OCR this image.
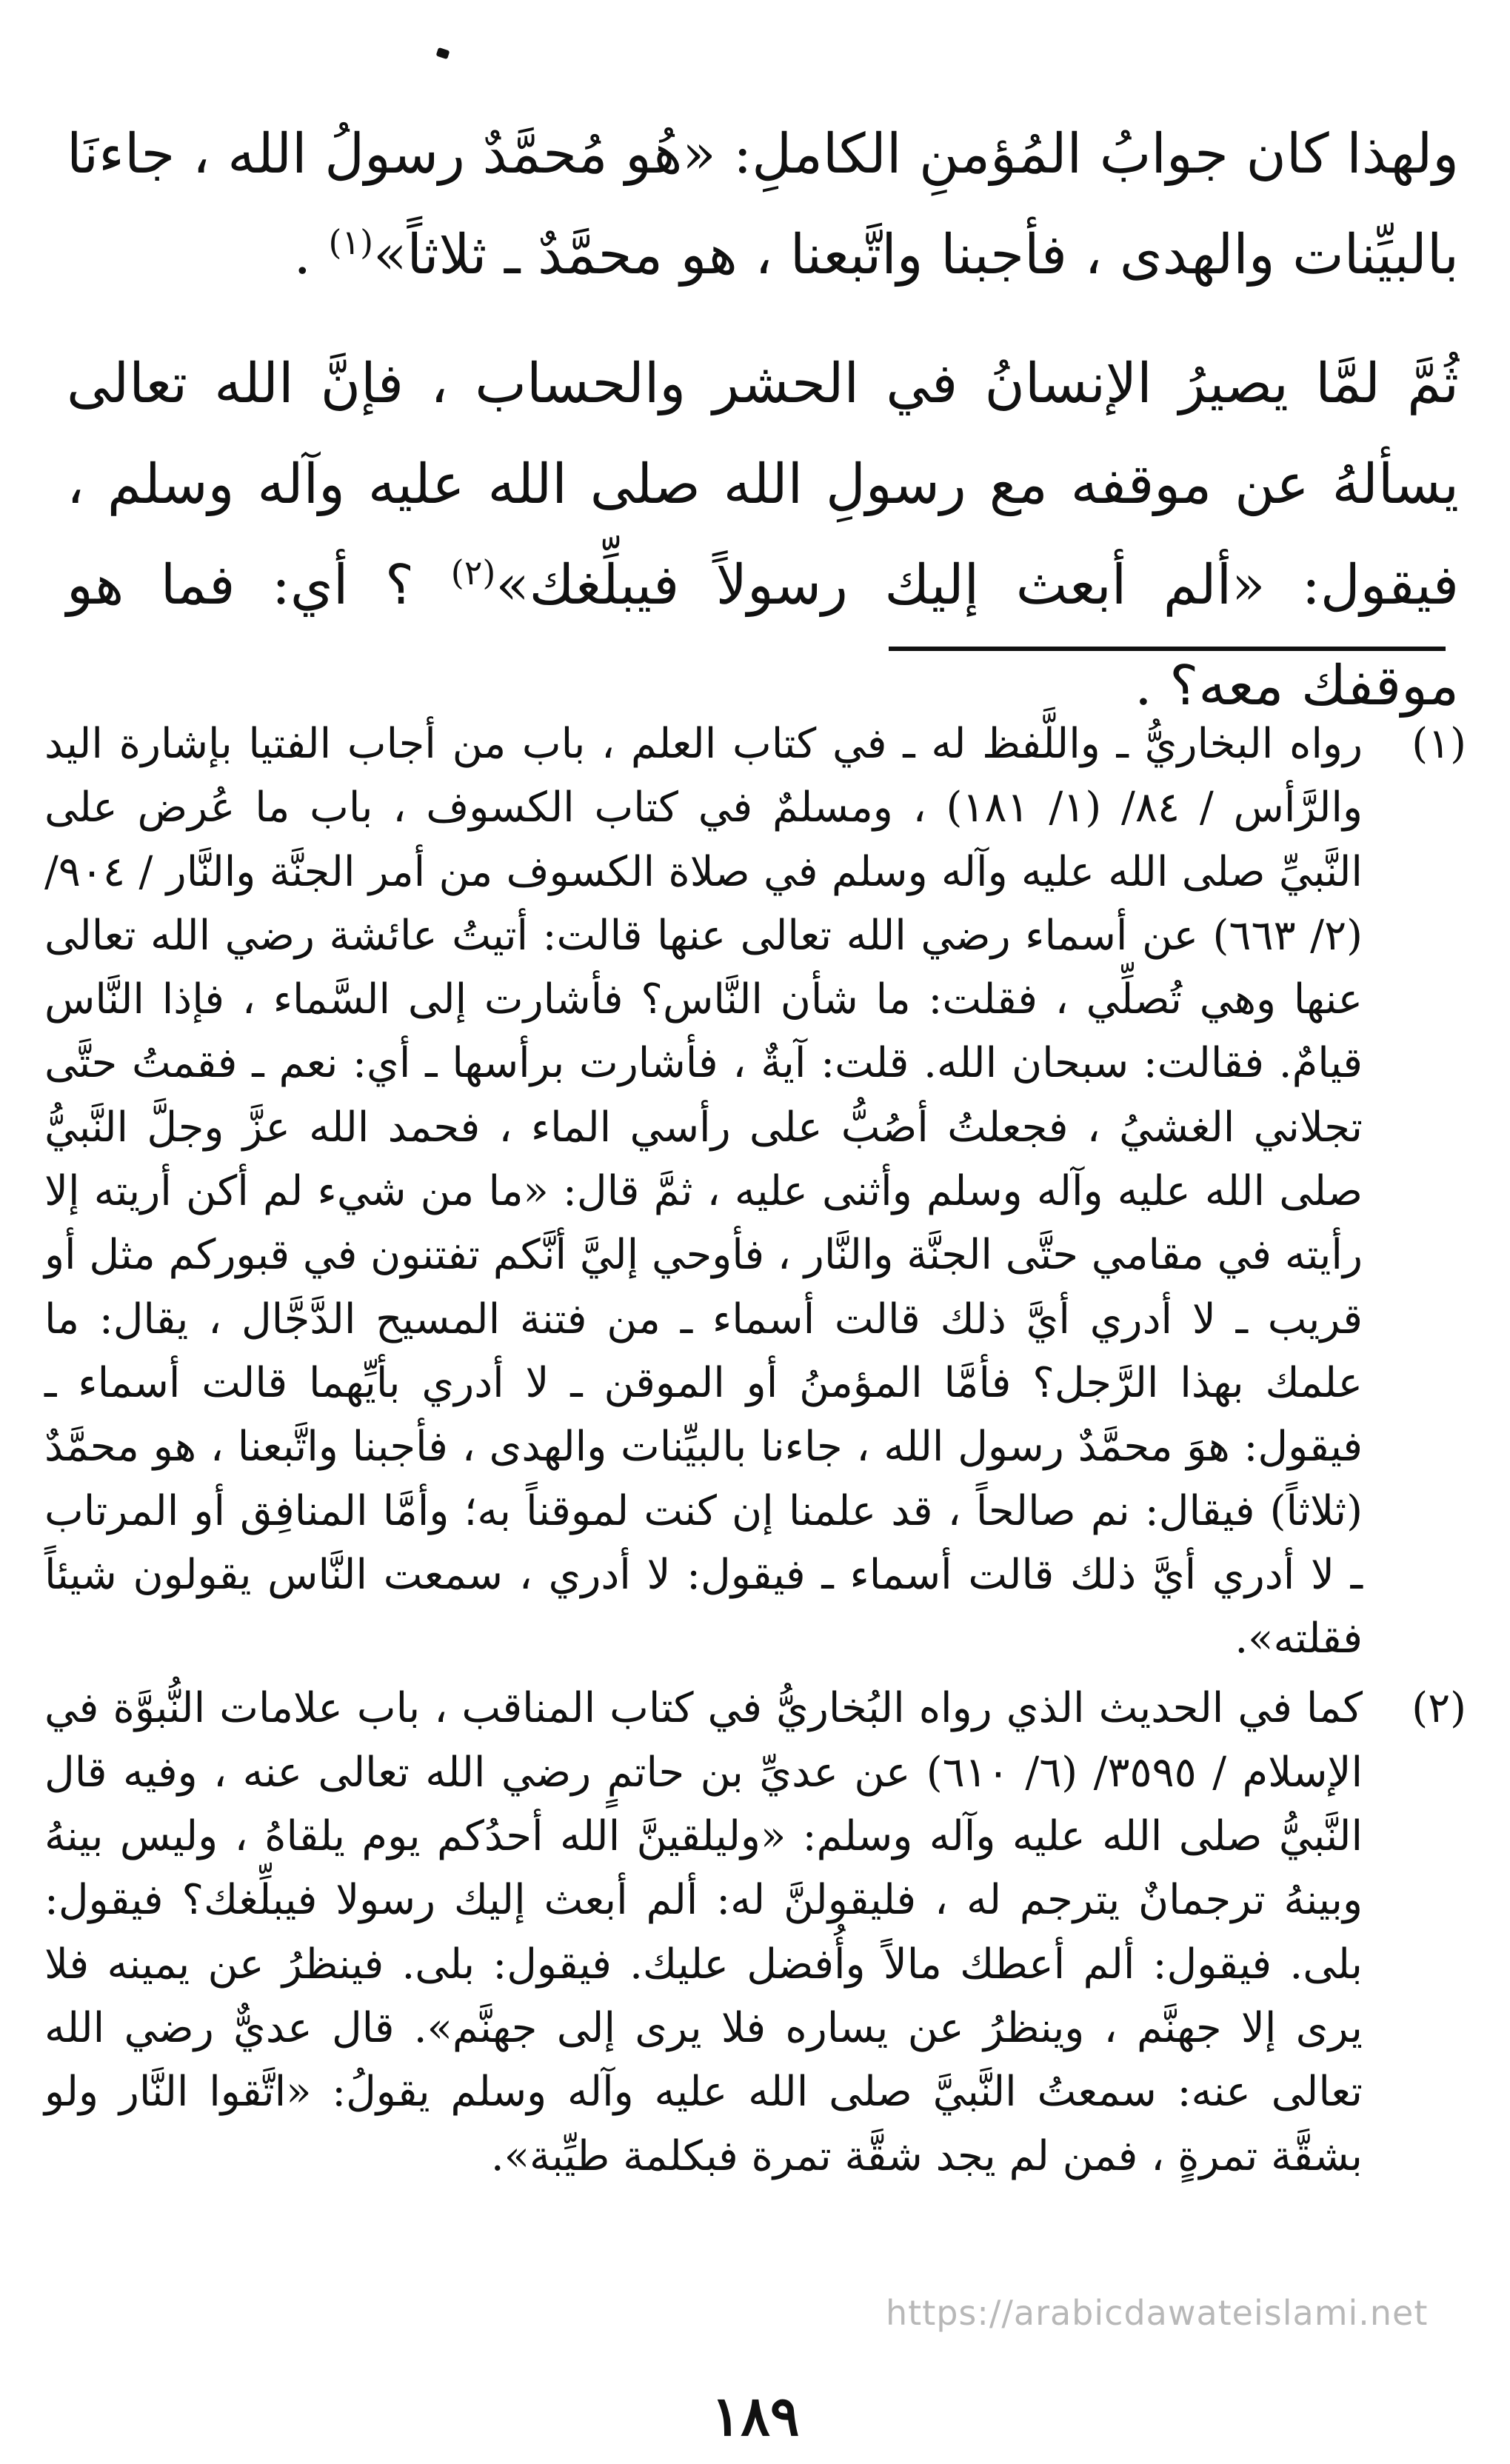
ولهذا كان جوابُ المُؤمنِ الكاملِ: «هُو مُحمَّدٌ رسولُ الله ، جاءنَا بالبيِّنات والهدى ، فأجبنا واتَّبعنا ، هو محمَّدٌ ـ ثلاثاً»$^{(١)}$ .

ثُمَّ لمَّا يصيرُ الإنسانُ في الحشر والحساب ، فإنَّ الله تعالى يسألهُ عن موقفه مع رسولِ الله صلى الله عليه وآله وسلم ، فيقول: «ألم أبعث إليك رسولاً فيبلِّغك»$^{(٢)}$ ؟ أي: فما هو موقفك معه؟ .

(١)
رواه البخاريُّ ـ واللَّفظ له ـ في كتاب العلم ، باب من أجاب الفتيا بإشارة اليد والرَّأس / ٨٤/ (١/ ١٨١) ، ومسلمٌ في كتاب الكسوف ، باب ما عُرض على النَّبيِّ صلى الله عليه وآله وسلم في صلاة الكسوف من أمر الجنَّة والنَّار / ٩٠٤/ (٢/ ٦٦٣) عن أسماء رضي الله تعالى عنها قالت: أتيتُ عائشة رضي الله تعالى عنها وهي تُصلِّي ، فقلت: ما شأن النَّاس؟ فأشارت إلى السَّماء ، فإذا النَّاس قيامٌ. فقالت: سبحان الله. قلت: آيةٌ ، فأشارت برأسها ـ أي: نعم ـ فقمتُ حتَّى تجلاني الغشيُ ، فجعلتُ أصُبُّ على رأسي الماء ، فحمد الله عزَّ وجلَّ النَّبيُّ صلى الله عليه وآله وسلم وأثنى عليه ، ثمَّ قال: «ما من شيء لم أكن أريته إلا رأيته في مقامي حتَّى الجنَّة والنَّار ، فأوحي إليَّ أنَّكم تفتنون في قبوركم مثل أو قريب ـ لا أدري أيَّ ذلك قالت أسماء ـ من فتنة المسيح الدَّجَّال ، يقال: ما علمك بهذا الرَّجل؟ فأمَّا المؤمنُ أو الموقن ـ لا أدري بأيِّهما قالت أسماء ـ فيقول: هوَ محمَّدٌ رسول الله ، جاءنا بالبيِّنات والهدى ، فأجبنا واتَّبعنا ، هو محمَّدٌ (ثلاثاً) فيقال: نم صالحاً ، قد علمنا إن كنت لموقناً به؛ وأمَّا المنافِق أو المرتاب ـ لا أدري أيَّ ذلك قالت أسماء ـ فيقول: لا أدري ، سمعت النَّاس يقولون شيئاً فقلته».
(٢)
كما في الحديث الذي رواه البُخاريُّ في كتاب المناقب ، باب علامات النُّبوَّة في الإسلام / ٣٥٩٥/ (٦/ ٦١٠) عن عديِّ بن حاتمٍ رضي الله تعالى عنه ، وفيه قال النَّبيُّ صلى الله عليه وآله وسلم: «وليلقينَّ الله أحدُكم يوم يلقاهُ ، وليس بينهُ وبينهُ ترجمانٌ يترجم له ، فليقولنَّ له: ألم أبعث إليك رسولا فيبلِّغك؟ فيقول: بلى. فيقول: ألم أعطك مالاً وأُفضل عليك. فيقول: بلى. فينظرُ عن يمينه فلا يرى إلا جهنَّم ، وينظرُ عن يساره فلا يرى إلى جهنَّم». قال عديٌّ رضي الله تعالى عنه: سمعتُ النَّبيَّ صلى الله عليه وآله وسلم يقولُ: «اتَّقوا النَّار ولو بشقَّة تمرةٍ ، فمن لم يجد شقَّة تمرة فبكلمة طيِّبة».
https://arabicdawateislami.net
١٨٩
